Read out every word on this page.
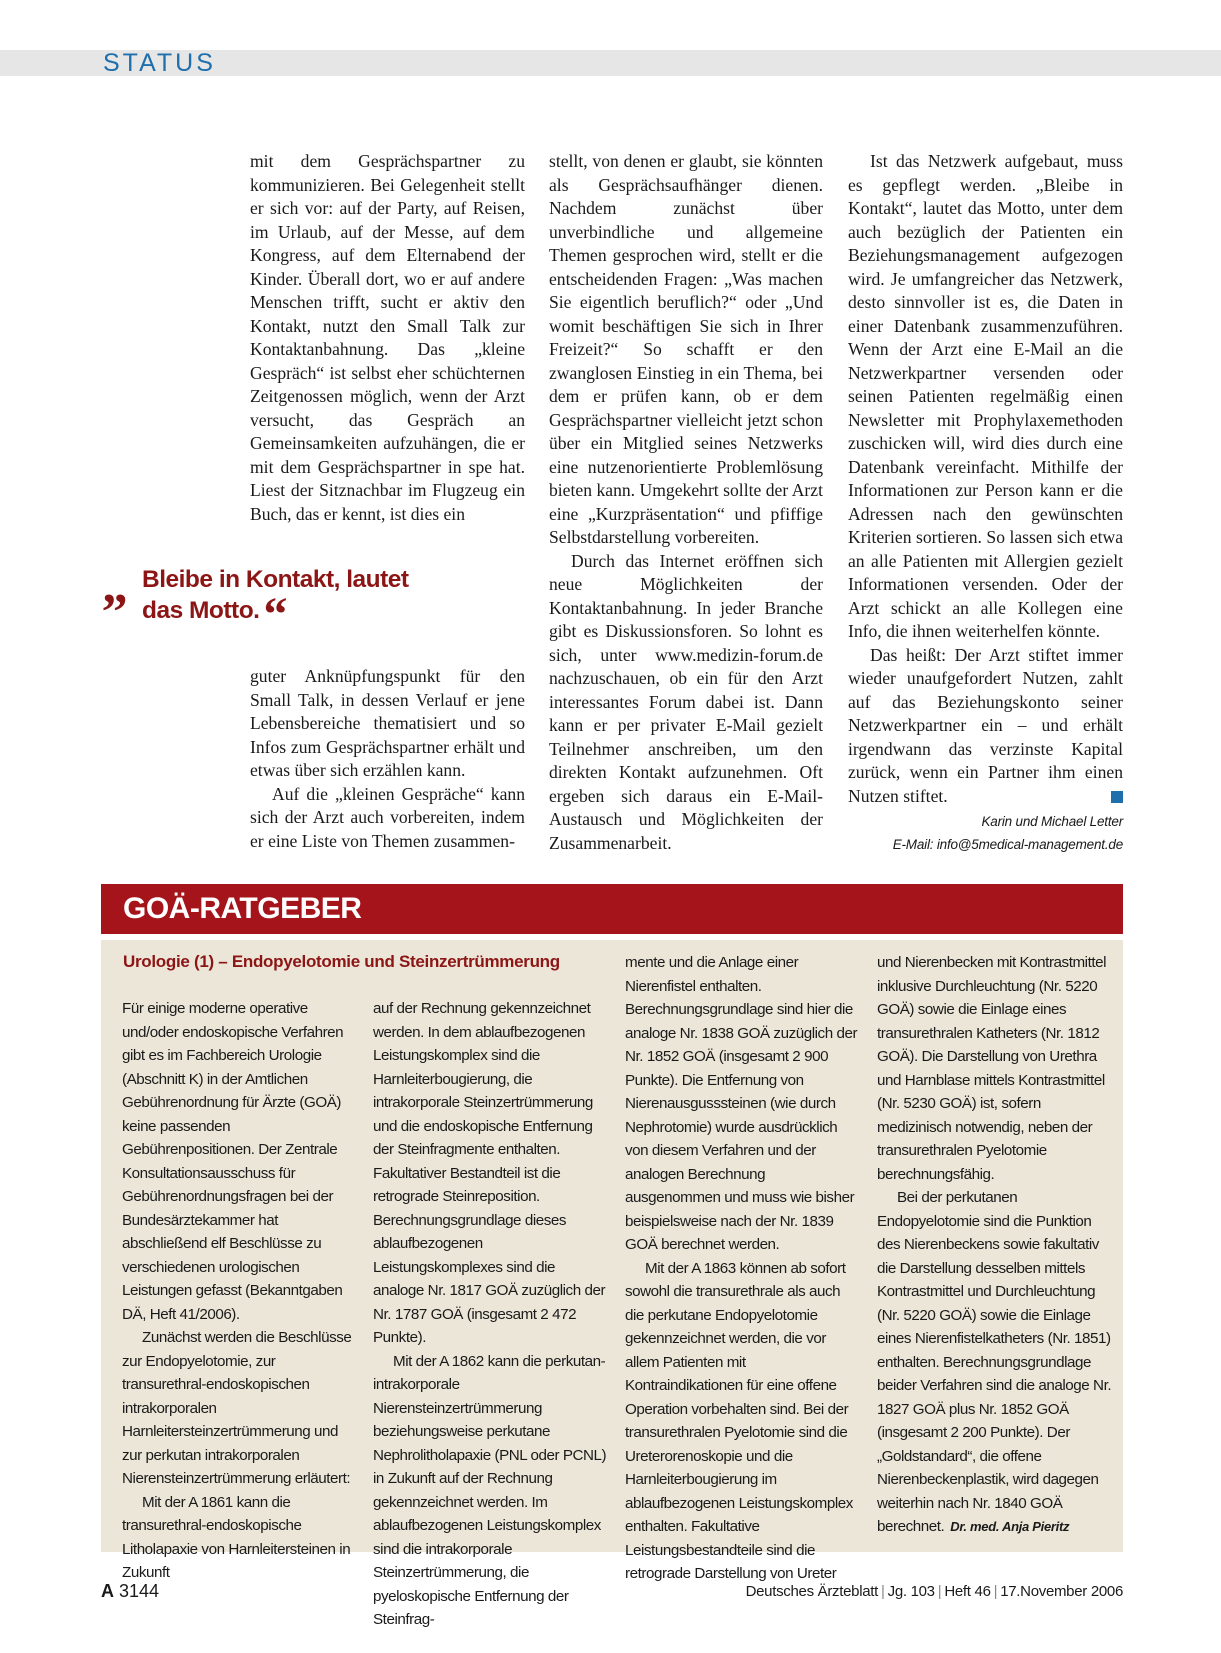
STATUS

mit dem Gesprächspartner zu kommunizieren. Bei Gelegenheit stellt er sich vor: auf der Party, auf Reisen, im Urlaub, auf der Messe, auf dem Kongress, auf dem Elternabend der Kinder. Überall dort, wo er auf andere Menschen trifft, sucht er aktiv den Kontakt, nutzt den Small Talk zur Kontaktanbahnung. Das „kleine Gespräch“ ist selbst eher schüchternen Zeitgenossen möglich, wenn der Arzt versucht, das Gespräch an Gemeinsamkeiten aufzuhängen, die er mit dem Gesprächspartner in spe hat. Liest der Sitznachbar im Flugzeug ein Buch, das er kennt, ist dies ein

„ Bleibe in Kontakt, lautet das Motto.“

guter Anknüpfungspunkt für den Small Talk, in dessen Verlauf er jene Lebensbereiche thematisiert und so Infos zum Gesprächspartner erhält und etwas über sich erzählen kann.

Auf die „kleinen Gespräche“ kann sich der Arzt auch vorbereiten, indem er eine Liste von Themen zusammen-

stellt, von denen er glaubt, sie könnten als Gesprächsaufhänger dienen. Nachdem zunächst über unverbindliche und allgemeine Themen gesprochen wird, stellt er die entscheidenden Fragen: „Was machen Sie eigentlich beruflich?“ oder „Und womit beschäftigen Sie sich in Ihrer Freizeit?“ So schafft er den zwanglosen Einstieg in ein Thema, bei dem er prüfen kann, ob er dem Gesprächspartner vielleicht jetzt schon über ein Mitglied seines Netzwerks eine nutzenorientierte Problemlösung bieten kann. Umgekehrt sollte der Arzt eine „Kurzpräsentation“ und pfiffige Selbstdarstellung vorbereiten.

Durch das Internet eröffnen sich neue Möglichkeiten der Kontaktanbahnung. In jeder Branche gibt es Diskussionsforen. So lohnt es sich, unter www.medizin-forum.de nachzuschauen, ob ein für den Arzt interessantes Forum dabei ist. Dann kann er per privater E-Mail gezielt Teilnehmer anschreiben, um den direkten Kontakt aufzunehmen. Oft ergeben sich daraus ein E-Mail-Austausch und Möglichkeiten der Zusammenarbeit.

Ist das Netzwerk aufgebaut, muss es gepflegt werden. „Bleibe in Kontakt“, lautet das Motto, unter dem auch bezüglich der Patienten ein Beziehungsmanagement aufgezogen wird. Je umfangreicher das Netzwerk, desto sinnvoller ist es, die Daten in einer Datenbank zusammenzuführen. Wenn der Arzt eine E-Mail an die Netzwerkpartner versenden oder seinen Patienten regelmäßig einen Newsletter mit Prophylaxemethoden zuschicken will, wird dies durch eine Datenbank vereinfacht. Mithilfe der Informationen zur Person kann er die Adressen nach den gewünschten Kriterien sortieren. So lassen sich etwa an alle Patienten mit Allergien gezielt Informationen versenden. Oder der Arzt schickt an alle Kollegen eine Info, die ihnen weiterhelfen könnte.

Das heißt: Der Arzt stiftet immer wieder unaufgefordert Nutzen, zahlt auf das Beziehungskonto seiner Netzwerkpartner ein – und erhält irgendwann das verzinste Kapital zurück, wenn ein Partner ihm einen Nutzen stiftet.

Karin und Michael Letter
E-Mail: info@5medical-management.de
GOÄ-RATGEBER
Urologie (1) – Endopyelotomie und Steinzertrümmerung

Für einige moderne operative und/oder endoskopische Verfahren gibt es im Fachbereich Urologie (Abschnitt K) in der Amtlichen Gebührenordnung für Ärzte (GOÄ) keine passenden Gebührenpositionen. Der Zentrale Konsultationsausschuss für Gebührenordnungsfragen bei der Bundesärztekammer hat abschließend elf Beschlüsse zu verschiedenen urologischen Leistungen gefasst (Bekanntgaben DÄ, Heft 41/2006).

Zunächst werden die Beschlüsse zur Endopyelotomie, zur transurethral-endoskopischen intrakorporalen Harnleitersteinzertrümmerung und zur perkutan intrakorporalen Nierensteinzertrümmerung erläutert:

Mit der A 1861 kann die transurethral-endoskopische Litholapaxie von Harnleitersteinen in Zukunft

auf der Rechnung gekennzeichnet werden. In dem ablaufbezogenen Leistungskomplex sind die Harnleiterbougierung, die intrakorporale Steinzertrümmerung und die endoskopische Entfernung der Steinfragmente enthalten. Fakultativer Bestandteil ist die retrograde Steinreposition. Berechnungsgrundlage dieses ablaufbezogenen Leistungskomplexes sind die analoge Nr. 1817 GOÄ zuzüglich der Nr. 1787 GOÄ (insgesamt 2 472 Punkte).

Mit der A 1862 kann die perkutan-intrakorporale Nierensteinzertrümmerung beziehungsweise perkutane Nephrolitholapaxie (PNL oder PCNL) in Zukunft auf der Rechnung gekennzeichnet werden. Im ablaufbezogenen Leistungskomplex sind die intrakorporale Steinzertrümmerung, die pyeloskopische Entfernung der Steinfrag-

mente und die Anlage einer Nierenfistel enthalten. Berechnungsgrundlage sind hier die analoge Nr. 1838 GOÄ zuzüglich der Nr. 1852 GOÄ (insgesamt 2 900 Punkte). Die Entfernung von Nierenausgusssteinen (wie durch Nephrotomie) wurde ausdrücklich von diesem Verfahren und der analogen Berechnung ausgenommen und muss wie bisher beispielsweise nach der Nr. 1839 GOÄ berechnet werden.

Mit der A 1863 können ab sofort sowohl die transurethrale als auch die perkutane Endopyelotomie gekennzeichnet werden, die vor allem Patienten mit Kontraindikationen für eine offene Operation vorbehalten sind. Bei der transurethralen Pyelotomie sind die Ureterorenoskopie und die Harnleiterbougierung im ablaufbezogenen Leistungskomplex enthalten. Fakultative Leistungsbestandteile sind die retrograde Darstellung von Ureter

und Nierenbecken mit Kontrastmittel inklusive Durchleuchtung (Nr. 5220 GOÄ) sowie die Einlage eines transurethralen Katheters (Nr. 1812 GOÄ). Die Darstellung von Urethra und Harnblase mittels Kontrastmittel (Nr. 5230 GOÄ) ist, sofern medizinisch notwendig, neben der transurethralen Pyelotomie berechnungsfähig.

Bei der perkutanen Endopyelotomie sind die Punktion des Nierenbeckens sowie fakultativ die Darstellung desselben mittels Kontrastmittel und Durchleuchtung (Nr. 5220 GOÄ) sowie die Einlage eines Nierenfistelkatheters (Nr. 1851) enthalten. Berechnungsgrundlage beider Verfahren sind die analoge Nr. 1827 GOÄ plus Nr. 1852 GOÄ (insgesamt 2 200 Punkte). Der „Goldstandard“, die offene Nierenbeckenplastik, wird dagegen weiterhin nach Nr. 1840 GOÄ berechnet. Dr. med. Anja Pieritz

A 3144	Deutsches Ärzteblatt | Jg. 103 | Heft 46 | 17.November 2006
